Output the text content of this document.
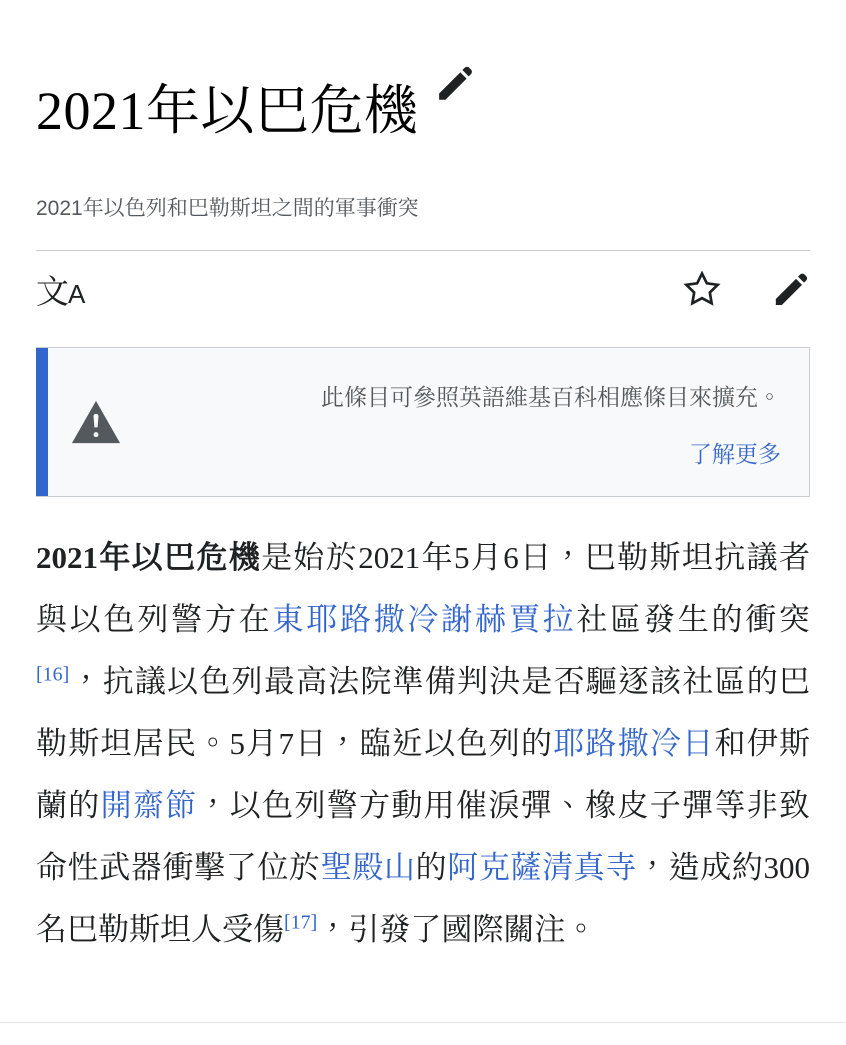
2021年以巴危機
2021年以色列和巴勒斯坦之間的軍事衝突
文A
此條目可參照英語維基百科相應條目來擴充。
了解更多

2021年以巴危機是始於2021年5月6日，巴勒斯坦抗議者與以色列警方在東耶路撒冷謝赫賈拉社區發生的衝突[16]，抗議以色列最高法院準備判決是否驅逐該社區的巴勒斯坦居民。5月7日，臨近以色列的耶路撒冷日和伊斯蘭的開齋節，以色列警方動用催淚彈、橡皮子彈等非致命性武器衝擊了位於聖殿山的阿克薩清真寺，造成約300名巴勒斯坦人受傷[17]，引發了國際關注。
